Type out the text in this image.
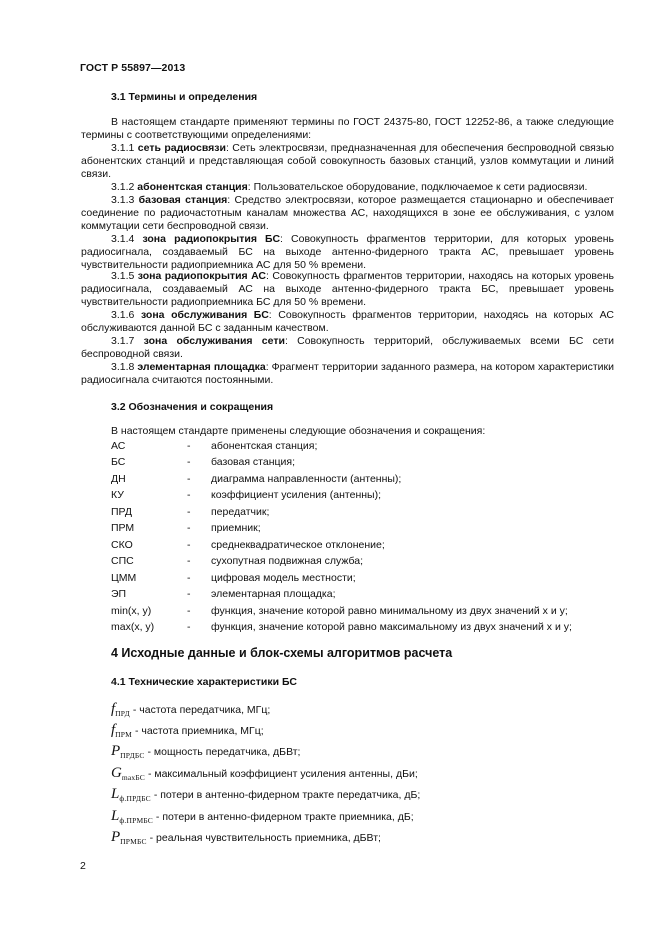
ГОСТ Р 55897—2013
3.1 Термины и определения
В настоящем стандарте применяют термины по ГОСТ 24375-80, ГОСТ 12252-86, а также следующие термины с соответствующими определениями:
3.1.1 сеть радиосвязи: Сеть электросвязи, предназначенная для обеспечения беспроводной связью абонентских станций и представляющая собой совокупность базовых станций, узлов коммутации и линий связи.
3.1.2 абонентская станция: Пользовательское оборудование, подключаемое к сети радиосвязи.
3.1.3 базовая станция: Средство электросвязи, которое размещается стационарно и обеспечивает соединение по радиочастотным каналам множества АС, находящихся в зоне ее обслуживания, с узлом коммутации сети беспроводной связи.
3.1.4 зона радиопокрытия БС: Совокупность фрагментов территории, для которых уровень радиосигнала, создаваемый БС на выходе антенно-фидерного тракта АС, превышает уровень чувствительности радиоприемника АС для 50 % времени.
3.1.5 зона радиопокрытия АС: Совокупность фрагментов территории, находясь на которых уровень радиосигнала, создаваемый АС на выходе антенно-фидерного тракта БС, превышает уровень чувствительности радиоприемника БС для 50 % времени.
3.1.6 зона обслуживания БС: Совокупность фрагментов территории, находясь на которых АС обслуживаются данной БС с заданным качеством.
3.1.7 зона обслуживания сети: Совокупность территорий, обслуживаемых всеми БС сети беспроводной связи.
3.1.8 элементарная площадка: Фрагмент территории заданного размера, на котором характеристики радиосигнала считаются постоянными.
3.2 Обозначения и сокращения
В настоящем стандарте применены следующие обозначения и сокращения:
АС	- абонентская станция;
БС	- базовая станция;
ДН	- диаграмма направленности (антенны);
КУ	- коэффициент усиления (антенны);
ПРД	- передатчик;
ПРМ	- приемник;
СКО	- среднеквадратическое отклонение;
СПС	- сухопутная подвижная служба;
ЦММ	- цифровая модель местности;
ЭП	- элементарная площадка;
min(x, y)	- функция, значение которой равно минимальному из двух значений x и y;
max(x, y)	- функция, значение которой равно максимальному из двух значений x и y;
4 Исходные данные и блок-схемы алгоритмов расчета
4.1 Технические характеристики БС
$f_{ПРД}$ - частота передатчика, МГц;
$f_{ПРМ}$ - частота приемника, МГц;
$P_{ПРДБС}$ - мощность передатчика, дБВт;
$G_{maxБС}$ - максимальный коэффициент усиления антенны, дБи;
$L_{ф.ПРДБС}$ - потери в антенно-фидерном тракте передатчика, дБ;
$L_{ф.ПРМБС}$ - потери в антенно-фидерном тракте приемника, дБ;
$P_{ПРМБС}$ - реальная чувствительность приемника, дБВт;
2
